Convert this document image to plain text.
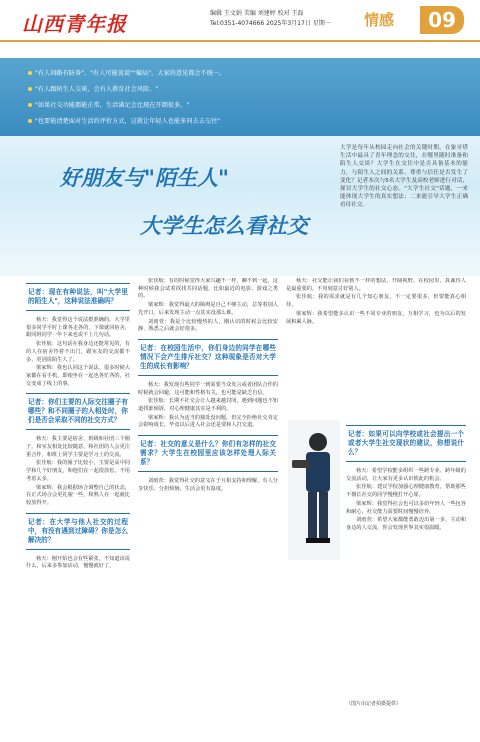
山西青年报	编辑 王文娟 美编 刘建婷 校对 王磊
Tel:0351-4074666 2025年3月17日 星期一 情感	09
"有人问路有防备"、"有人可能说谎""骗局"，大家的意见都会不统一。
"有人跟陌生人交谈，会有人教育社会风险。"
"如果社交功能都能正常，生活满足会比现在开朗很多。"
"也要能清楚面对生活的评价方式，这就让年轻人也能多同去去交往"
好朋友与"陌生人"
大学生怎么看社交
大学是每年从校园走向社会的关键时期，在象牙塔生活中最具了青年理念的交往，在哪里随时准备和陌生人交谈？大学生在交往中是否具备基本的能力，与陌生人之间的关系、尊重与信任是否发生了变化？记者本次与5名大学生及高校老师进行对话，探讨大学生的社交心态。"大学生社交"话题，一来能体现大学生的真实想法；二来能引导大学生正确看待社交。
记者：现在有种说法，叫"大学里的陌生人"，这种说法准确吗？

杨天：我觉得这个说法挺准确的。大学里很多同学平时上课各走各的，下课就回宿舍，跟同班同学一年下来也说不上几句话。

张佳航：这句话在我身边还挺常见的，有的人在宿舍待着不出门，跟室友的交流都不多，更别说陌生人了。

梁家辉：我也认同这个说法。很多时候大家都在看手机，即使坐在一起也各忙各的，社交变成了线上的事。

记者：你们主要的人际交往圈子有哪些？和不同圈子的人相处时，你们是否会采取不同的社交方式？

杨天：我主要是宿舍、班级和社团三个圈子。和室友相处比较随意，和社团的人会更注重合作，和班上同学主要是学习上的交流。

张佳航：我的圈子比较小，主要是高中同学和几个好朋友，和他们在一起很放松，不用考虑太多。

梁家辉：我会根据场合调整自己的状态，在正式场合会更礼貌一些，和熟人在一起就比较放得开。

记者：在大学与他人社交的过程中，有没有遇到过障碍？你是怎么解决的？

杨天：刚开始也会有些紧张，不知道该说什么，后来多参加活动，慢慢就好了。

张佳航：有的时候觉得大家兴趣不一样，聊不到一起，这种时候我会试着找找共同话题，比如最近的电影、游戏之类的。

梁家辉：我觉得最大的障碍是自己不够主动，总等着别人先开口，后来发现主动一点其实没那么难。

刘雨萱：我是个比较慢热的人，刚认识的时候会比较安静，熟悉之后就会好很多。

记者：在校园生活中，你们身边的同学在哪些情况下会产生排斥社交？这种现象是否对大学生的成长有影响？

杨天：我发现有些同学一到需要当众发言或者团队合作的时候就会回避，这可能和性格有关，也可能是缺乏自信。

张佳航：长期不社交会让人越来越封闭，遇到问题也不知道找谁倾诉，对心理健康其实是不利的。

梁家辉：我认为适当的独处没问题，但完全拒绝社交肯定会影响成长，毕竟以后进入社会还是要和人打交道。

记者：社交的意义是什么？你们有怎样的社交需求？大学生在校园里应该怎样处理人际关系？

刘雨萱：我觉得社交的意义在于互相支持和理解，有人分享快乐、分担烦恼，生活会更有温度。

杨天：社交能让我们看到不一样的想法，开阔视野。在校园里，真诚待人是最重要的，不用刻意讨好别人。

张佳航：我的需求就是有几个知心朋友，不一定要很多，但要能真心相待。

梁家辉：我希望能多认识一些不同专业的朋友，互相学习，也为以后的发展积累人脉。

记者：如果可以向学校或社会提出一个或者大学生社交现状的建议，你想说什么？

杨天：希望学校能多组织一些跨专业、跨年级的交流活动，让大家有更多认识彼此的机会。

张佳航：建议学校加强心理健康教育，帮助那些不擅长社交的同学慢慢打开心扉。

梁家辉：我觉得社会也可以多给年轻人一些包容和耐心，社交能力需要时间慢慢培养。

刘雨萱：希望大家都能勇敢迈出第一步，主动和身边的人交流，你会发现世界其实很温暖。

（图片由记者拍摄提供）
